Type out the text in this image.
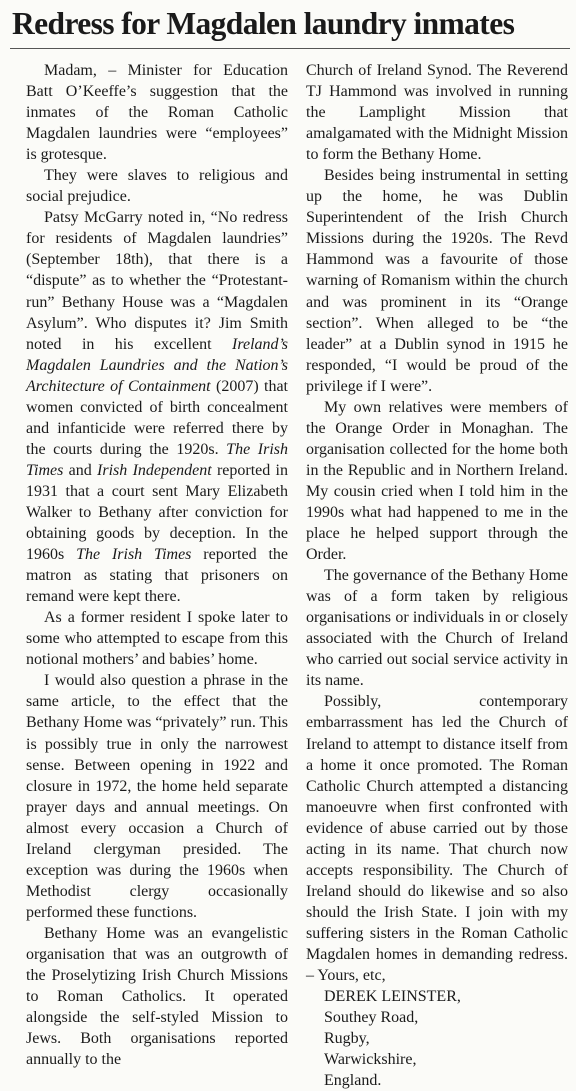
Redress for Magdalen laundry inmates

Madam, – Minister for Education Batt O’Keeffe’s suggestion that the inmates of the Roman Catholic Magdalen laundries were “employees” is grotesque.

They were slaves to religious and social prejudice.

Patsy McGarry noted in, “No redress for residents of Magdalen laundries” (September 18th), that there is a “dispute” as to whether the “Protestant-run” Bethany House was a “Magdalen Asylum”. Who disputes it? Jim Smith noted in his excellent Ireland’s Magdalen Laundries and the Nation’s Architecture of Containment (2007) that women convicted of birth concealment and infanticide were referred there by the courts during the 1920s. The Irish Times and Irish Independent reported in 1931 that a court sent Mary Elizabeth Walker to Bethany after conviction for obtaining goods by deception. In the 1960s The Irish Times reported the matron as stating that prisoners on remand were kept there.

As a former resident I spoke later to some who attempted to escape from this notional mothers’ and babies’ home.

I would also question a phrase in the same article, to the effect that the Bethany Home was “privately” run. This is possibly true in only the narrowest sense. Between opening in 1922 and closure in 1972, the home held separate prayer days and annual meetings. On almost every occasion a Church of Ireland clergyman presided. The exception was during the 1960s when Methodist clergy occasionally performed these functions.

Bethany Home was an evangelistic organisation that was an outgrowth of the Proselytizing Irish Church Missions to Roman Catholics. It operated alongside the self-styled Mission to Jews. Both organisations reported annually to the

Church of Ireland Synod. The Reverend TJ Hammond was involved in running the Lamplight Mission that amalgamated with the Midnight Mission to form the Bethany Home.

Besides being instrumental in setting up the home, he was Dublin Superintendent of the Irish Church Missions during the 1920s. The Revd Hammond was a favourite of those warning of Romanism within the church and was prominent in its “Orange section”. When alleged to be “the leader” at a Dublin synod in 1915 he responded, “I would be proud of the privilege if I were”.

My own relatives were members of the Orange Order in Monaghan. The organisation collected for the home both in the Republic and in Northern Ireland. My cousin cried when I told him in the 1990s what had happened to me in the place he helped support through the Order.

The governance of the Bethany Home was of a form taken by religious organisations or individuals in or closely associated with the Church of Ireland who carried out social service activity in its name.

Possibly, contemporary embarrassment has led the Church of Ireland to attempt to distance itself from a home it once promoted. The Roman Catholic Church attempted a distancing manoeuvre when first confronted with evidence of abuse carried out by those acting in its name. That church now accepts responsibility. The Church of Ireland should do likewise and so also should the Irish State. I join with my suffering sisters in the Roman Catholic Magdalen homes in demanding redress. – Yours, etc,

DEREK LEINSTER,
Southey Road,
Rugby,
Warwickshire,
England.
